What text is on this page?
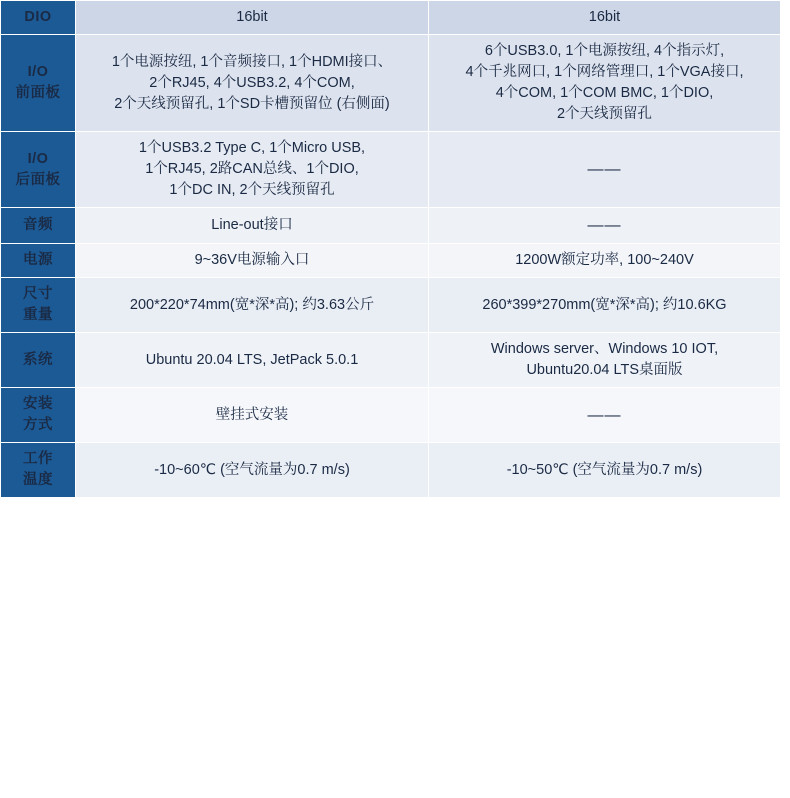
DIO	16bit	16bit

I/O
前面板	1个电源按纽, 1个音频接口, 1个HDMI接口、
2个RJ45, 4个USB3.2, 4个COM,
2个天线预留孔, 1个SD卡槽预留位 (右侧面)	6个USB3.0, 1个电源按纽, 4个指示灯,
4个千兆网口, 1个网络管理口, 1个VGA接口,
4个COM, 1个COM BMC, 1个DIO,
2个天线预留孔

I/O
后面板	1个USB3.2 Type C, 1个Micro USB,
1个RJ45, 2路CAN总线、1个DIO,
1个DC IN, 2个天线预留孔	——

音频	Line-out接口	——

电源	9~36V电源输入口	1200W额定功率, 100~240V

尺寸
重量	200*220*74mm(宽*深*高); 约3.63公斤	260*399*270mm(宽*深*高); 约10.6KG

系统	Ubuntu 20.04 LTS, JetPack 5.0.1	Windows server、Windows 10 IOT,
Ubuntu20.04 LTS桌面版

安装
方式	壁挂式安装	——

工作
温度	-10~60℃ (空气流量为0.7 m/s)	-10~50℃ (空气流量为0.7 m/s)
